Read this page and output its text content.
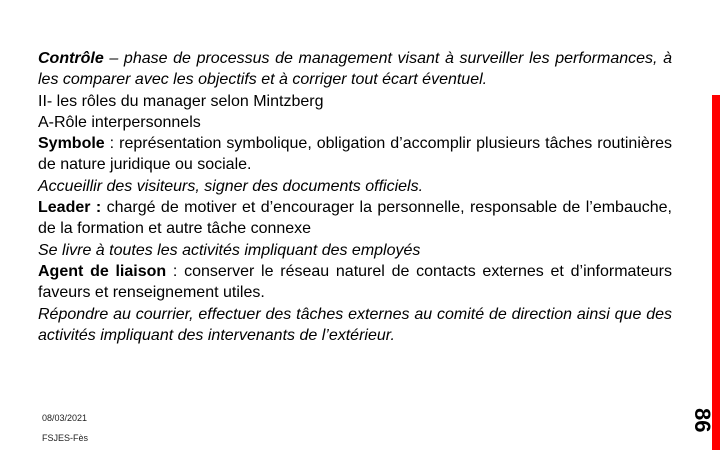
Contrôle – phase de processus de management visant à surveiller les performances, à les comparer avec les objectifs et à corriger tout écart éventuel.

II- les rôles du manager selon Mintzberg

A-Rôle interpersonnels

Symbole : représentation symbolique, obligation d’accomplir plusieurs tâches routinières de nature juridique ou sociale.

Accueillir des visiteurs, signer des documents officiels.

Leader : chargé de motiver et d’encourager la personnelle, responsable de l’embauche, de la formation et autre tâche connexe

Se livre à toutes les activités impliquant des employés

Agent de liaison : conserver le réseau naturel de contacts externes et d’informateurs faveurs et renseignement utiles.

Répondre au courrier, effectuer des tâches externes au comité de direction ainsi que des activités impliquant des intervenants de l’extérieur.

08/03/2021
FSJES-Fès
86
